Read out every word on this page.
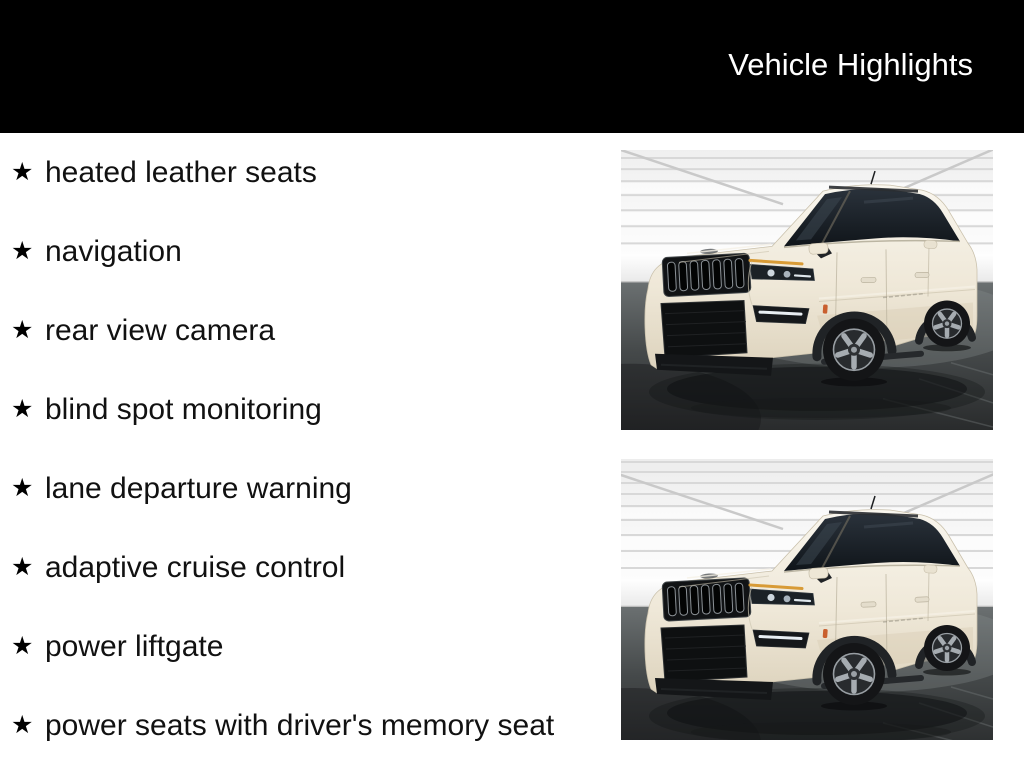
Vehicle Highlights
★ heated leather seats
★ navigation
★ rear view camera
★ blind spot monitoring
★ lane departure warning
★ adaptive cruise control
★ power liftgate
★ power seats with driver's memory seat
